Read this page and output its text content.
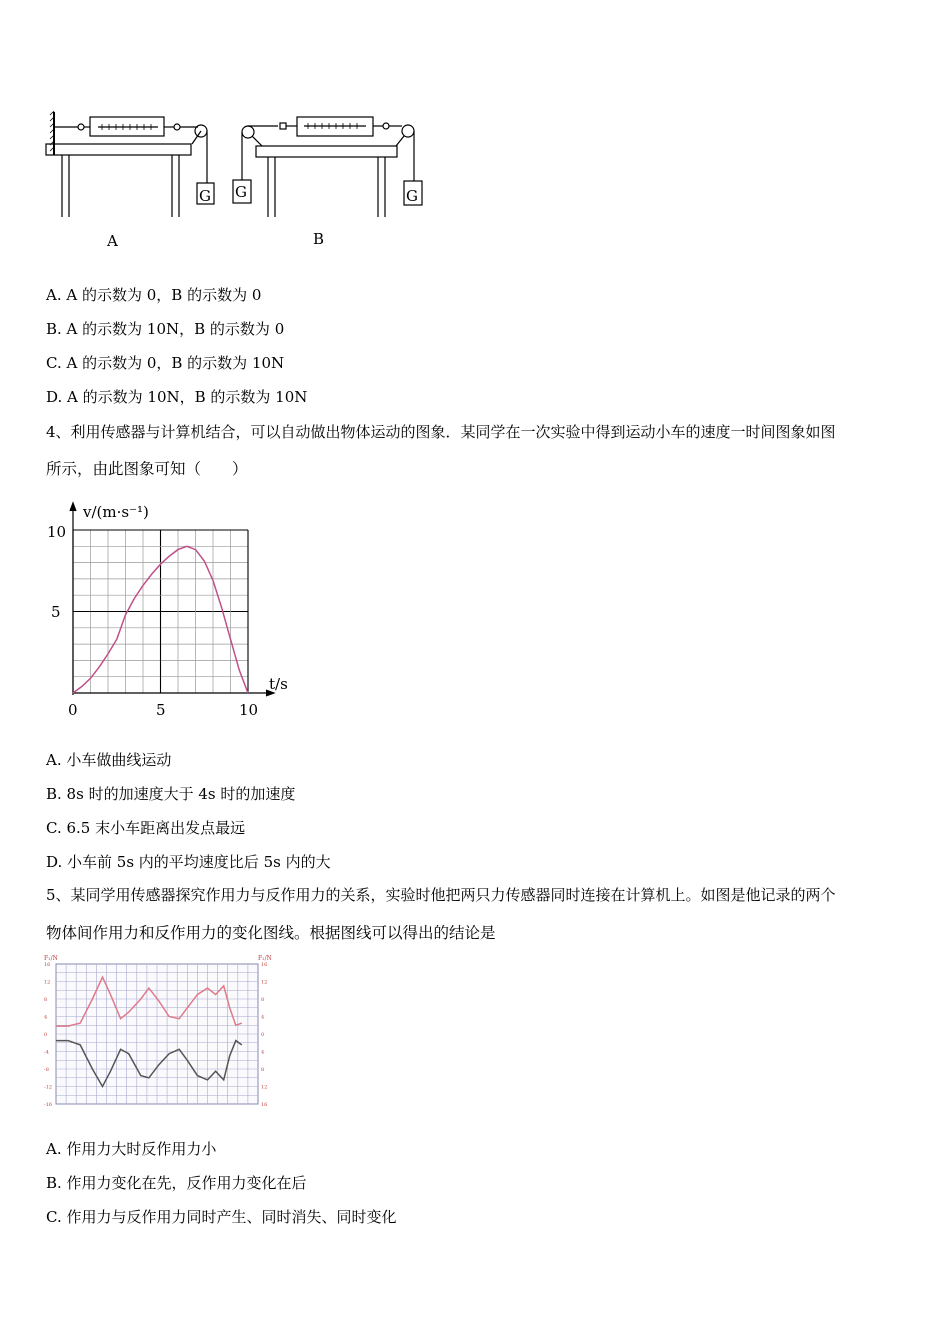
G G	G
A	B
A. A 的示数为 0，B 的示数为 0
B. A 的示数为 10N，B 的示数为 0
C. A 的示数为 0，B 的示数为 10N
D. A 的示数为 10N，B 的示数为 10N
4、利用传感器与计算机结合，可以自动做出物体运动的图象．某同学在一次实验中得到运动小车的速度一时间图象如图
所示，由此图象可知（　　）
v/(m·s⁻¹)
t/s
0	5	10
5
10
A. 小车做曲线运动
B. 8s 时的加速度大于 4s 时的加速度
C. 6.5 末小车距离出发点最远
D. 小车前 5s 内的平均速度比后 5s 内的大
5、某同学用传感器探究作用力与反作用力的关系，实验时他把两只力传感器同时连接在计算机上。如图是他记录的两个
物体间作用力和反作用力的变化图线。根据图线可以得出的结论是
16
12
8
4
0
-4
-8
-12
-16
16
12
8
4
0
4
8
12
16
F₁/N	F₂/N
A. 作用力大时反作用力小
B. 作用力变化在先，反作用力变化在后
C. 作用力与反作用力同时产生、同时消失、同时变化
